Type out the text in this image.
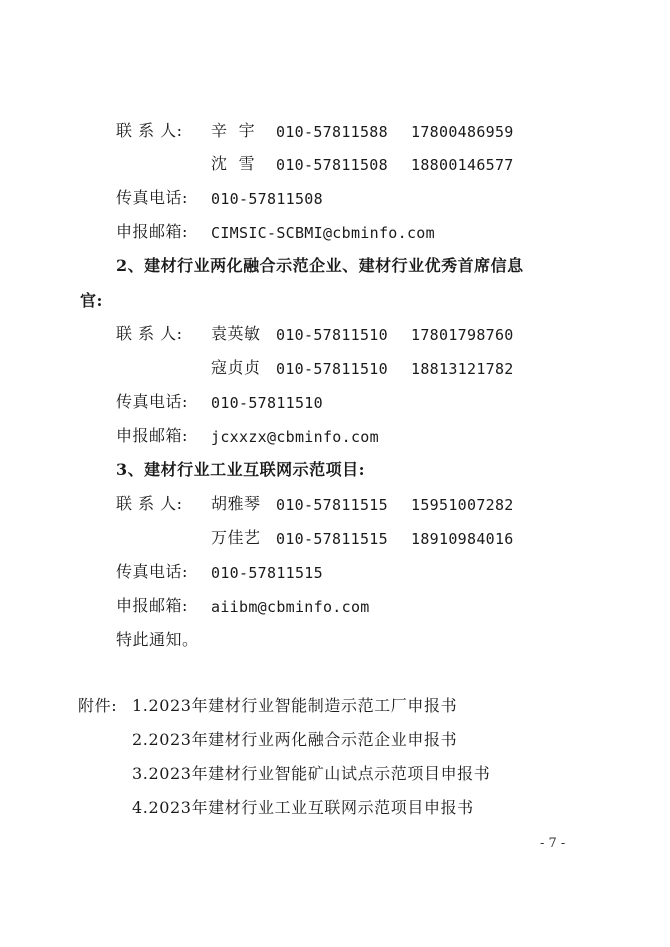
联 系 人: 辛  宇 010-57811588 17800486959
沈  雪 010-57811508 18800146577
传真电话: 010-57811508
申报邮箱: CIMSIC-SCBMI@cbminfo.com
2、建材行业两化融合示范企业、建材行业优秀首席信息
官:
联 系 人: 袁英敏 010-57811510 17801798760
寇贞贞 010-57811510 18813121782
传真电话: 010-57811510
申报邮箱: jcxxzx@cbminfo.com
3、建材行业工业互联网示范项目:
联 系 人: 胡雅琴 010-57811515 15951007282
万佳艺 010-57811515 18910984016
传真电话: 010-57811515
申报邮箱: aiibm@cbminfo.com
特此通知。
附件: 1.2023年建材行业智能制造示范工厂申报书
2.2023年建材行业两化融合示范企业申报书
3.2023年建材行业智能矿山试点示范项目申报书
4.2023年建材行业工业互联网示范项目申报书
- 7 -
